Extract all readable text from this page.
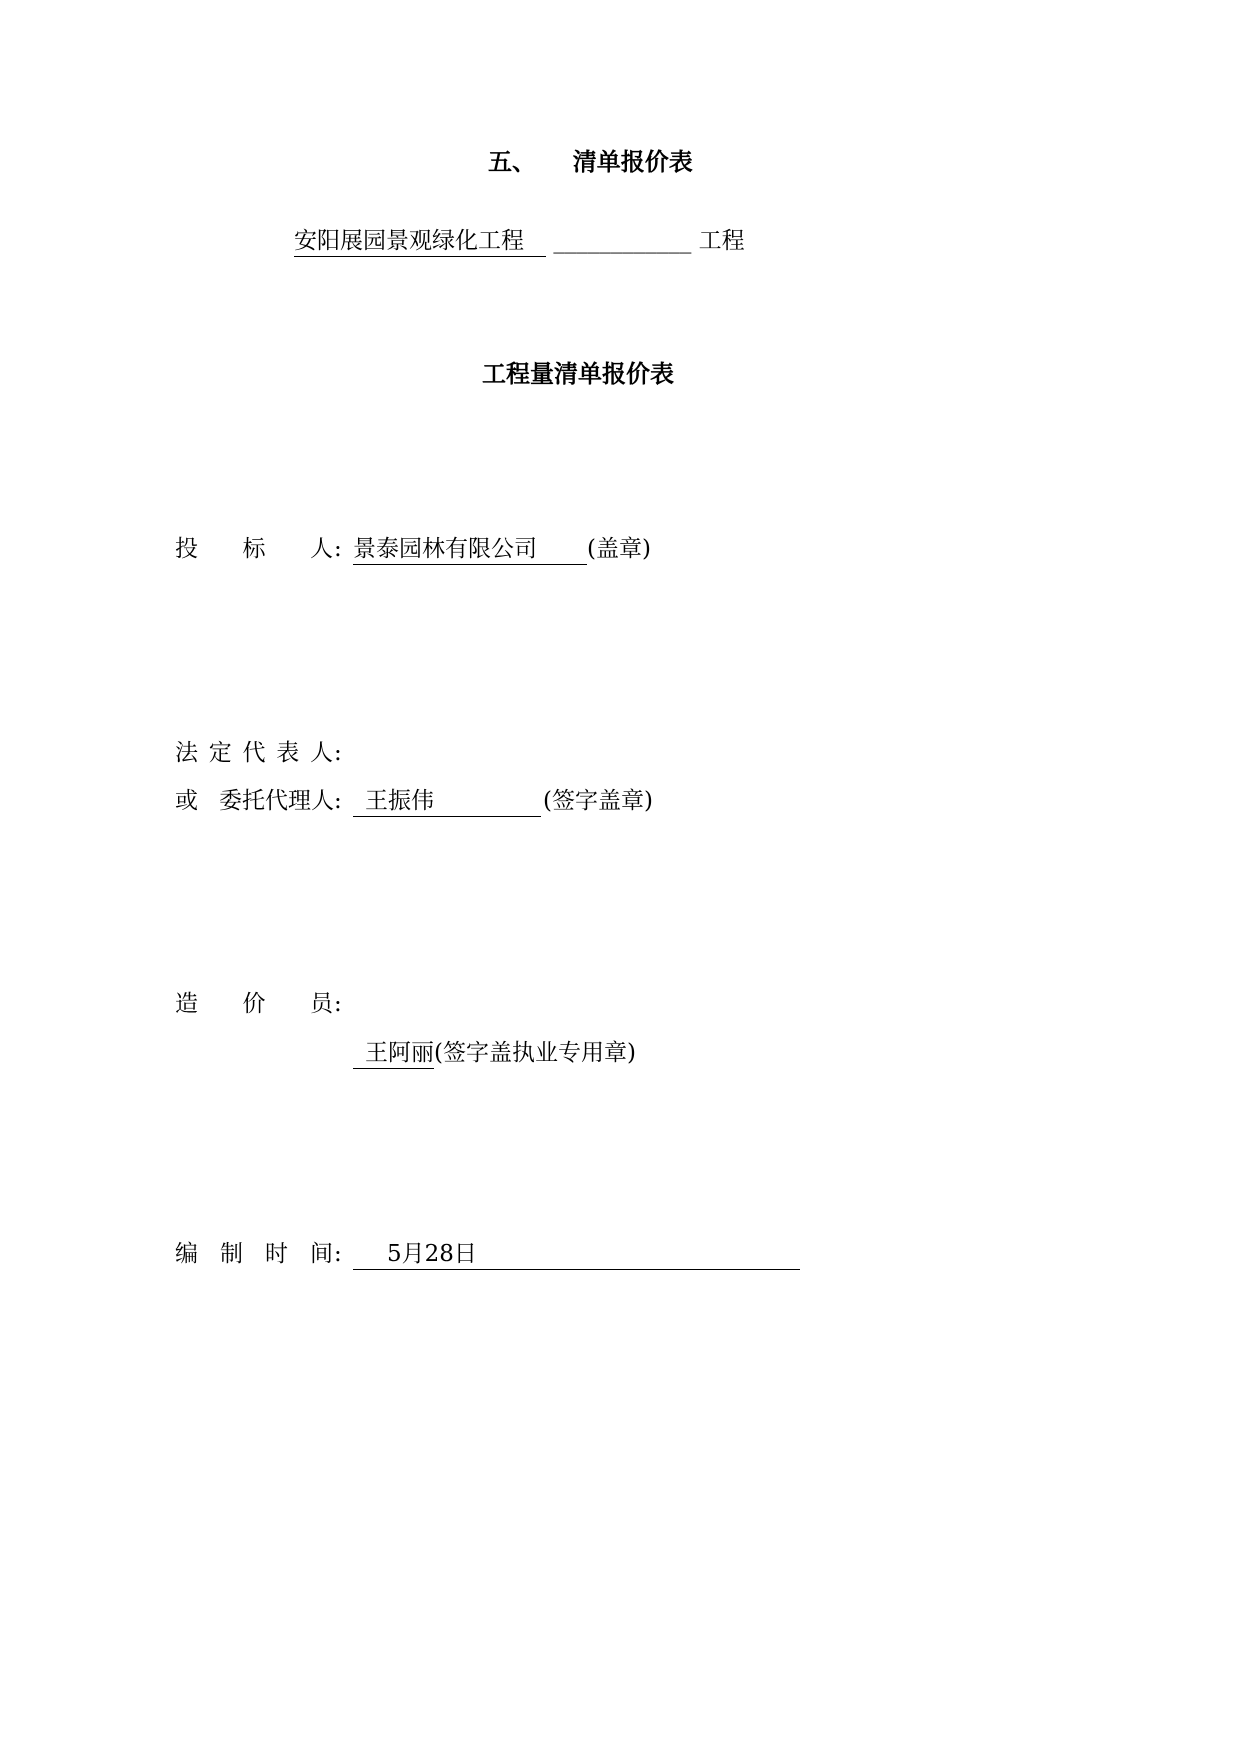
五、 清单报价表
安阳展园景观绿化工程 ____________ 工程
工程量清单报价表
投 标 人 : 景泰园林有限公司	(盖章)
法 定 代 表 人 :
或 委托代理人:	王振伟	(签字盖章)
造 价 员 :
王阿丽(签字盖执业专用章)
编 制 时 间 :	5月28日
